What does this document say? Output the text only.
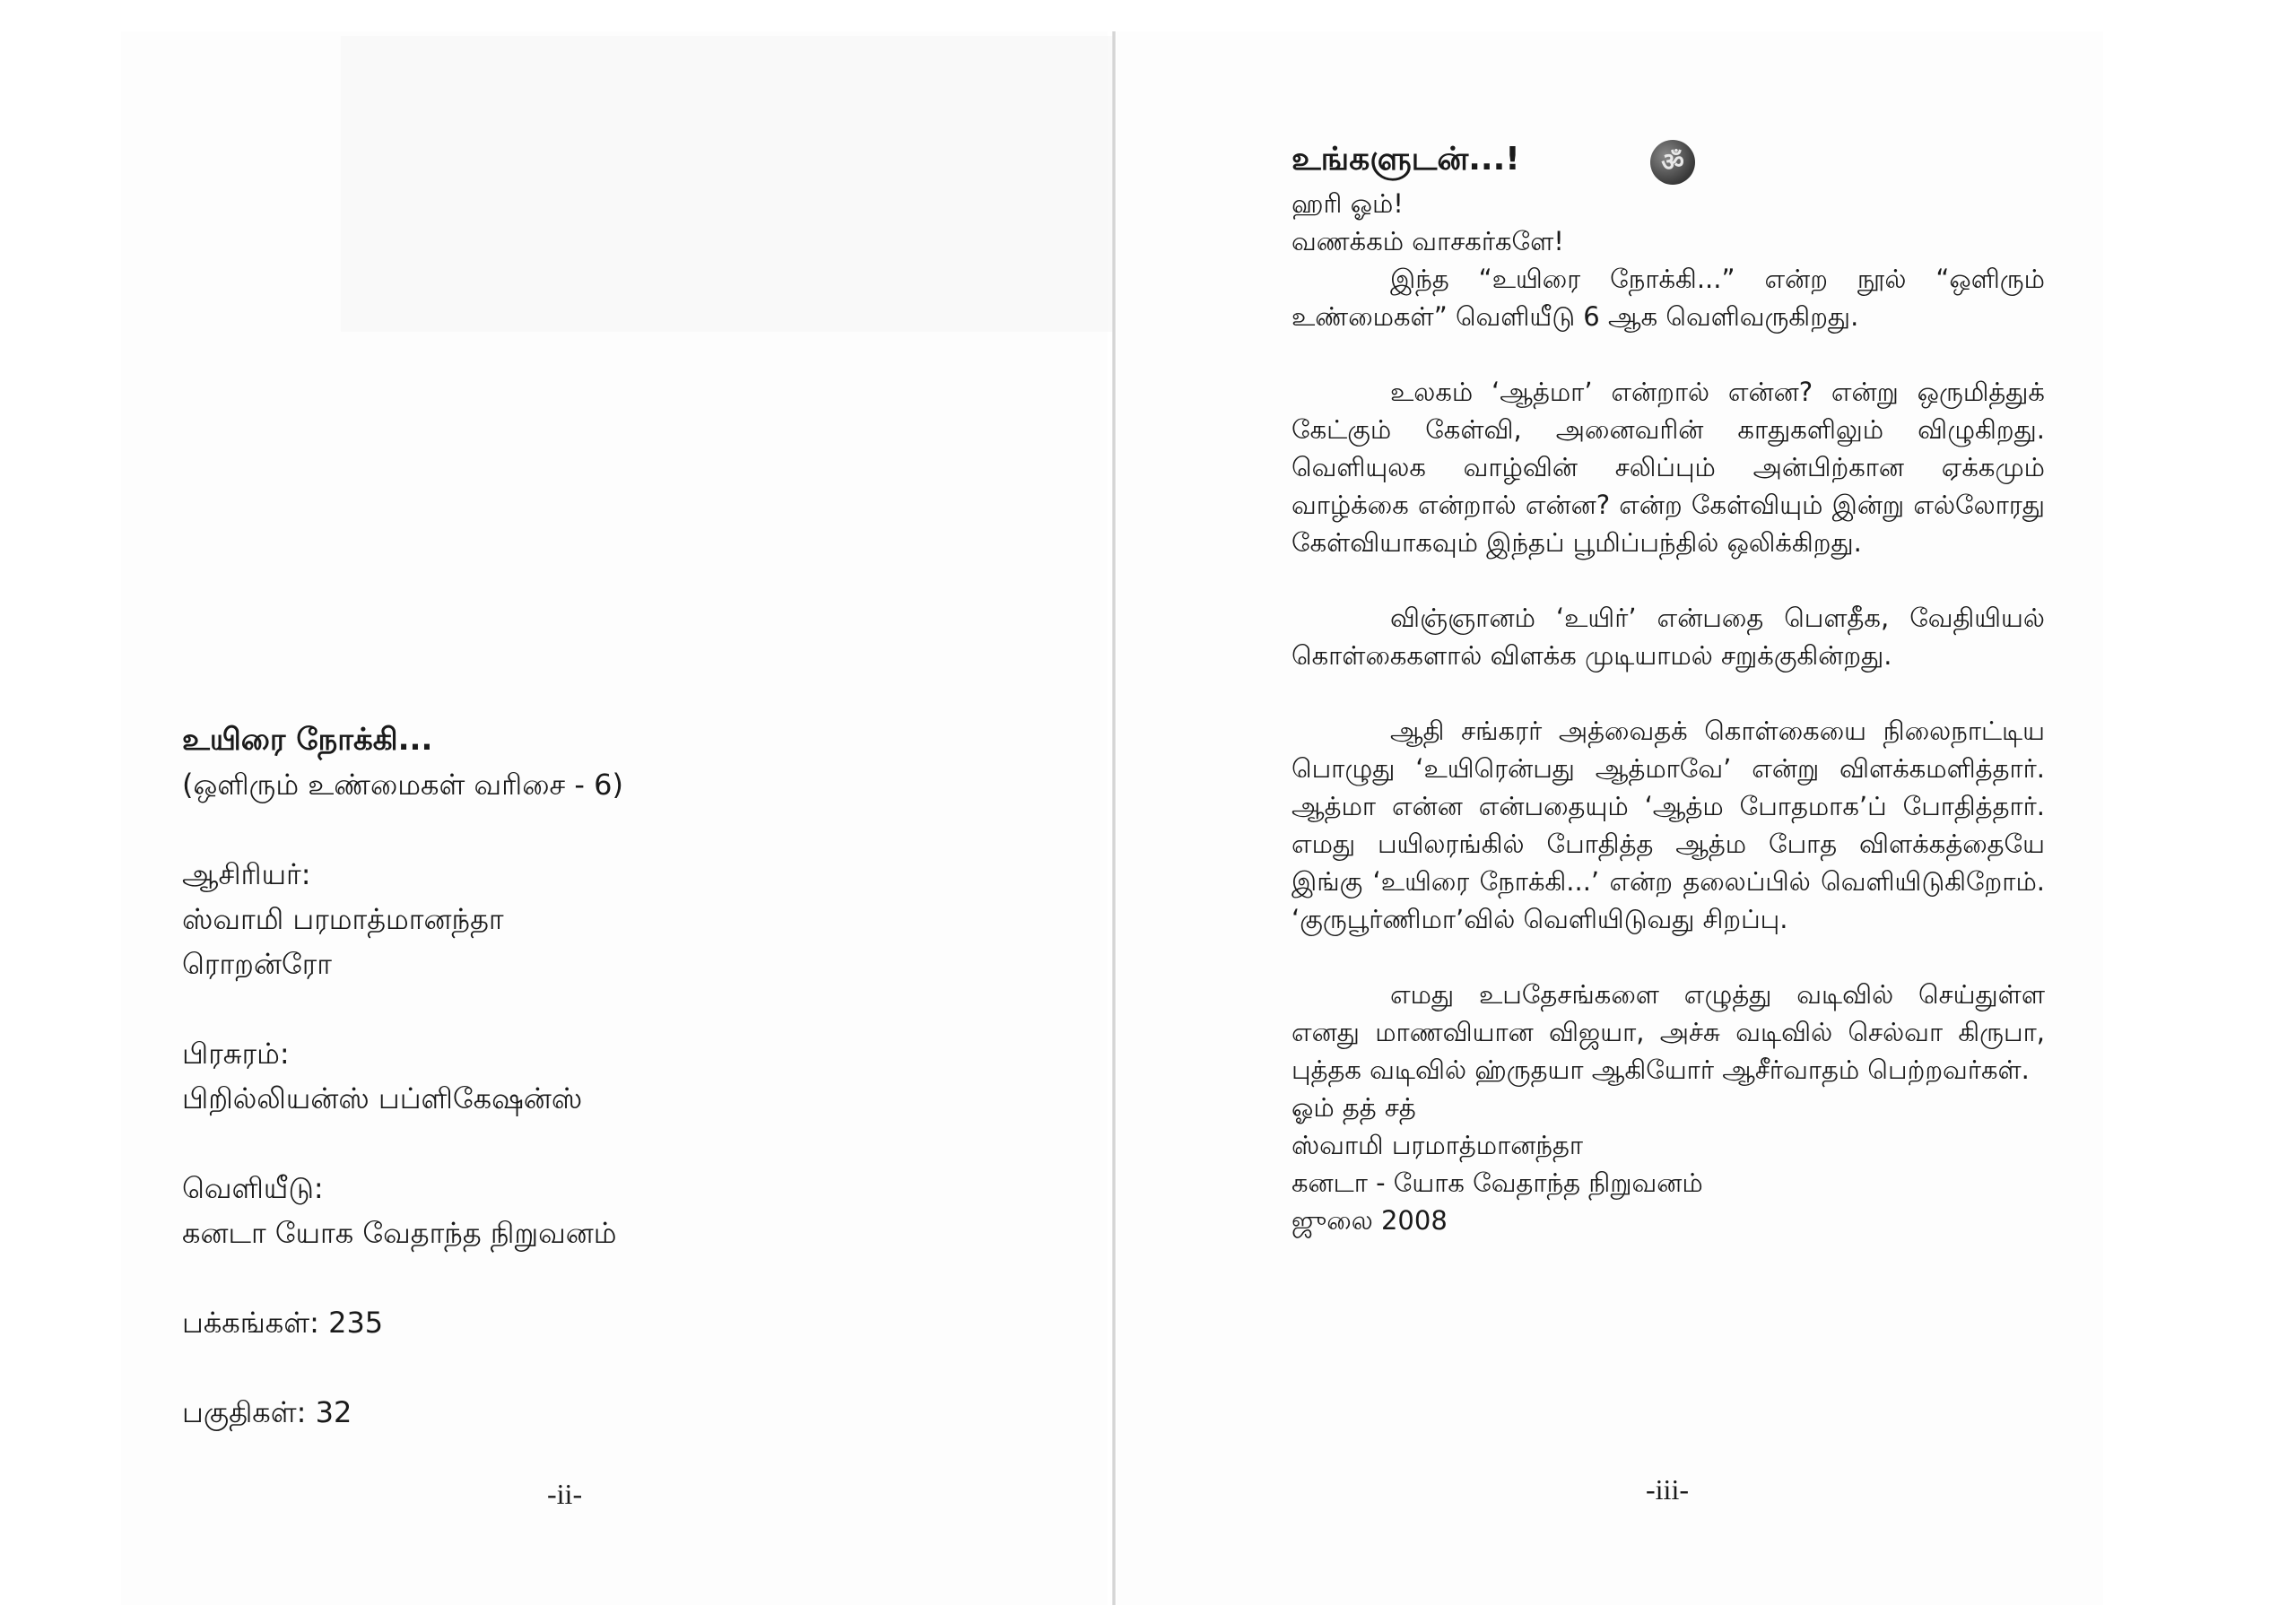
உயிரை நோக்கி...
(ஒளிரும் உண்மைகள் வரிசை - 6)
ஆசிரியர்:
ஸ்வாமி பரமாத்மானந்தா
ரொறன்ரோ
பிரசுரம்:
பிறில்லியன்ஸ் பப்ளிகேஷன்ஸ்
வெளியீடு:
கனடா யோக வேதாந்த நிறுவனம்
பக்கங்கள்: 235
பகுதிகள்: 32
-ii-
உங்களுடன்...!	ॐ

ஹரி ஓம்!

வணக்கம் வாசகர்களே!

இந்த “உயிரை நோக்கி...” என்ற நூல் “ஒளிரும் உண்மைகள்” வெளியீடு 6 ஆக வெளிவருகிறது.

உலகம் ‘ஆத்மா’ என்றால் என்ன? என்று ஒருமித்துக் கேட்கும் கேள்வி, அனைவரின் காதுகளிலும் விழுகிறது. வெளியுலக வாழ்வின் சலிப்பும் அன்பிற்கான ஏக்கமும் வாழ்க்கை என்றால் என்ன? என்ற கேள்வியும் இன்று எல்லோரது கேள்வியாகவும் இந்தப் பூமிப்பந்தில் ஒலிக்கிறது.

விஞ்ஞானம் ‘உயிர்’ என்பதை பௌதீக, வேதியியல் கொள்கைகளால் விளக்க முடியாமல் சறுக்குகின்றது.

ஆதி சங்கரர் அத்வைதக் கொள்கையை நிலைநாட்டிய பொழுது ‘உயிரென்பது ஆத்மாவே’ என்று விளக்கமளித்தார். ஆத்மா என்ன என்பதையும் ‘ஆத்ம போதமாக’ப் போதித்தார். எமது பயிலரங்கில் போதித்த ஆத்ம போத விளக்கத்தையே இங்கு ‘உயிரை நோக்கி...’ என்ற தலைப்பில் வெளியிடுகிறோம். ‘குருபூர்ணிமா’வில் வெளியிடுவது சிறப்பு.

எமது உபதேசங்களை எழுத்து வடிவில் செய்துள்ள எனது மாணவியான விஜயா, அச்சு வடிவில் செல்வா கிருபா, புத்தக வடிவில் ஹ்ருதயா ஆகியோர் ஆசீர்வாதம் பெற்றவர்கள்.

ஓம் தத் சத்

ஸ்வாமி பரமாத்மானந்தா

கனடா - யோக வேதாந்த நிறுவனம்

ஜுலை 2008

-iii-
